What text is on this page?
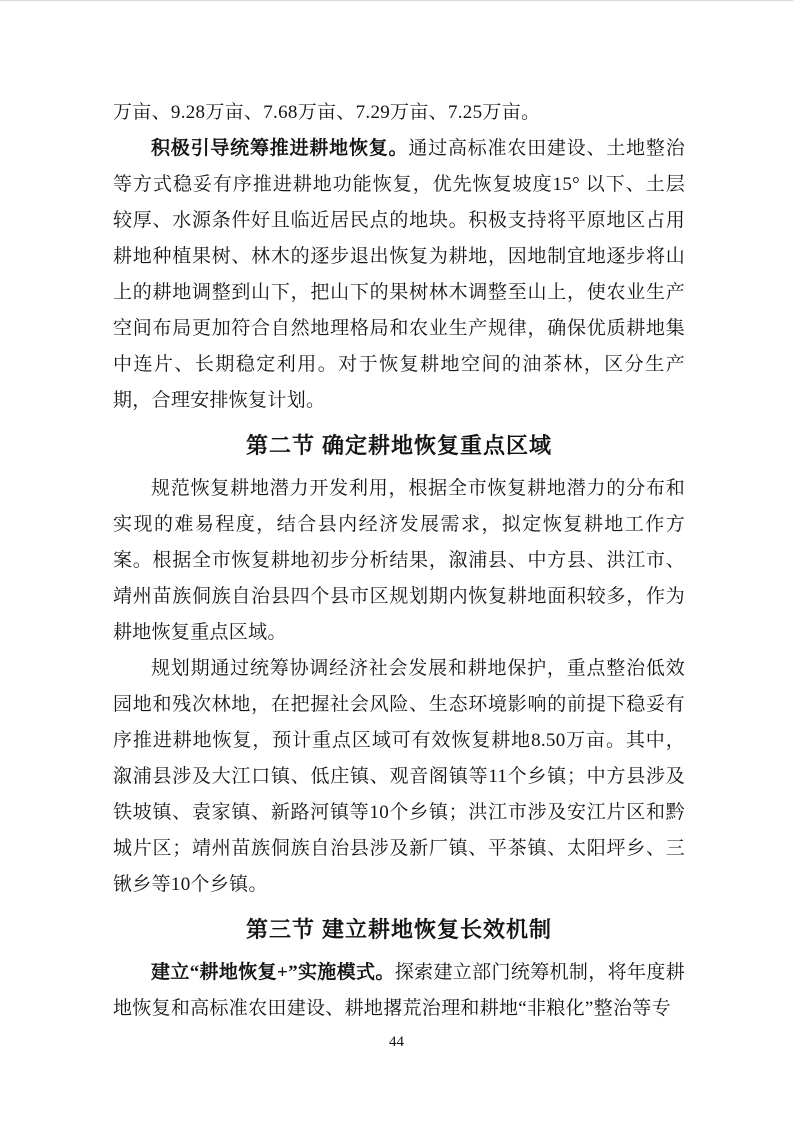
万亩、9.28万亩、7.68万亩、7.29万亩、7.25万亩。

积极引导统筹推进耕地恢复。通过高标准农田建设、土地整治等方式稳妥有序推进耕地功能恢复，优先恢复坡度15° 以下、土层较厚、水源条件好且临近居民点的地块。积极支持将平原地区占用耕地种植果树、林木的逐步退出恢复为耕地，因地制宜地逐步将山上的耕地调整到山下，把山下的果树林木调整至山上，使农业生产空间布局更加符合自然地理格局和农业生产规律，确保优质耕地集中连片、长期稳定利用。对于恢复耕地空间的油茶林，区分生产期，合理安排恢复计划。

第二节 确定耕地恢复重点区域

规范恢复耕地潜力开发利用，根据全市恢复耕地潜力的分布和实现的难易程度，结合县内经济发展需求，拟定恢复耕地工作方案。根据全市恢复耕地初步分析结果，溆浦县、中方县、洪江市、靖州苗族侗族自治县四个县市区规划期内恢复耕地面积较多，作为耕地恢复重点区域。

规划期通过统筹协调经济社会发展和耕地保护，重点整治低效园地和残次林地，在把握社会风险、生态环境影响的前提下稳妥有序推进耕地恢复，预计重点区域可有效恢复耕地8.50万亩。其中，溆浦县涉及大江口镇、低庄镇、观音阁镇等11个乡镇；中方县涉及铁坡镇、袁家镇、新路河镇等10个乡镇；洪江市涉及安江片区和黔城片区；靖州苗族侗族自治县涉及新厂镇、平茶镇、太阳坪乡、三锹乡等10个乡镇。

第三节 建立耕地恢复长效机制

建立“耕地恢复+”实施模式。探索建立部门统筹机制，将年度耕地恢复和高标准农田建设、耕地撂荒治理和耕地“非粮化”整治等专

44
